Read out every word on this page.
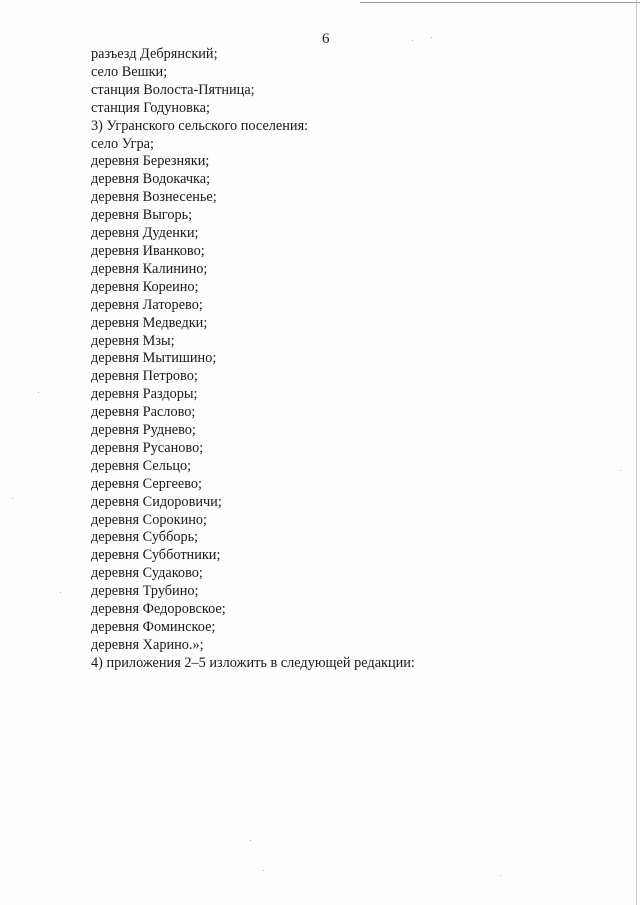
6
разъезд Дебрянский;
село Вешки;
станция Волоста-Пятница;
станция Годуновка;
3) Угранского сельского поселения:
село Угра;
деревня Березняки;
деревня Водокачка;
деревня Вознесенье;
деревня Выгорь;
деревня Дуденки;
деревня Иванково;
деревня Калинино;
деревня Кореино;
деревня Латорево;
деревня Медведки;
деревня Мзы;
деревня Мытишино;
деревня Петрово;
деревня Раздоры;
деревня Раслово;
деревня Руднево;
деревня Русаново;
деревня Сельцо;
деревня Сергеево;
деревня Сидоровичи;
деревня Сорокино;
деревня Субборь;
деревня Субботники;
деревня Судаково;
деревня Трубино;
деревня Федоровское;
деревня Фоминское;
деревня Харино.»;
4) приложения 2–5 изложить в следующей редакции:
